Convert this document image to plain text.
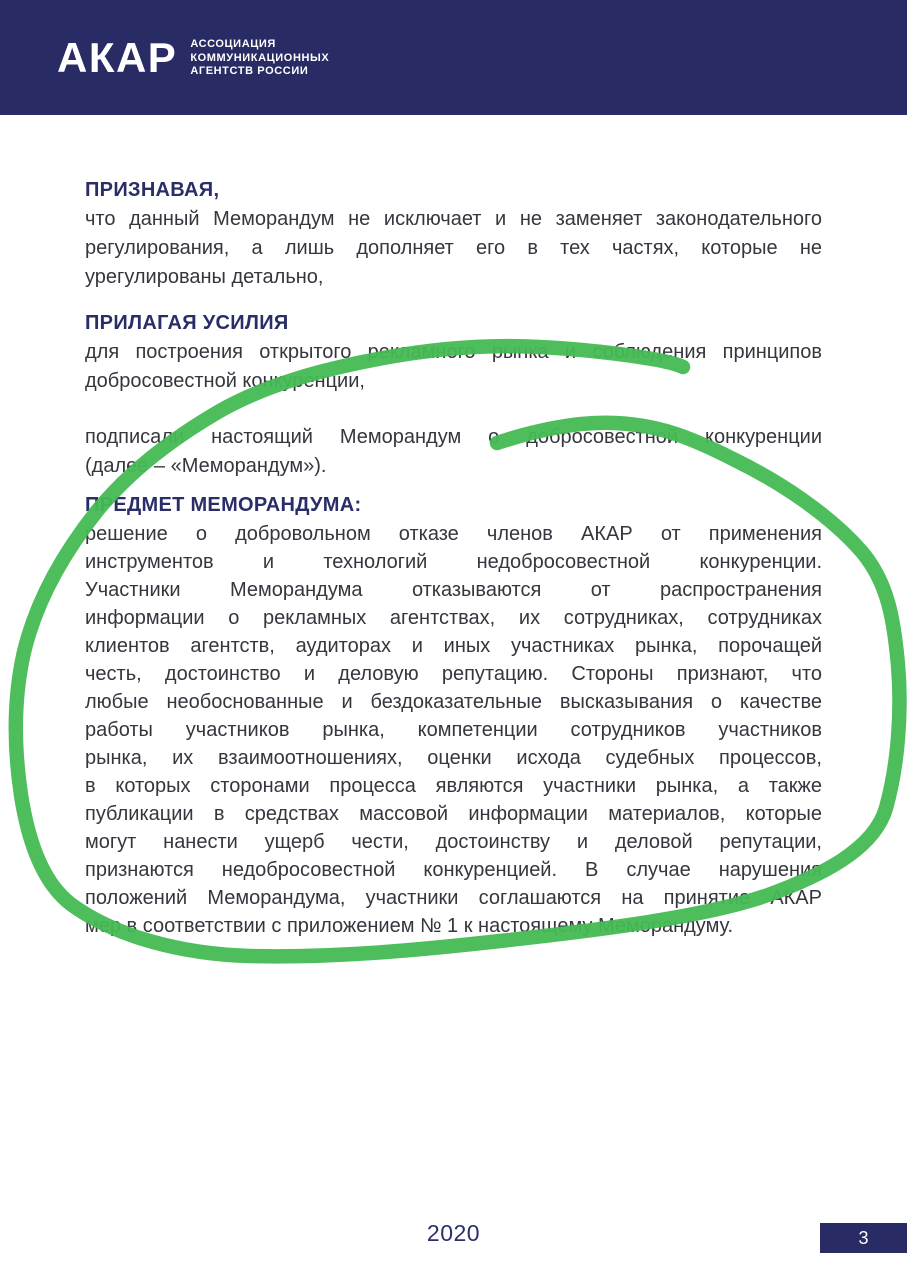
АКАР АССОЦИАЦИЯ
КОММУНИКАЦИОННЫХ
АГЕНТСТВ РОССИИ
ПРИЗНАВАЯ,
что данный Меморандум не исключает и не заменяет законодательного
регулирования, а лишь дополняет его в тех частях, которые не
урегулированы детально,
ПРИЛАГАЯ УСИЛИЯ
для построения открытого рекламного рынка и соблюдения принципов
добросовестной конкуренции,
подписали настоящий Меморандум о добросовестной конкуренции
(далее – «Меморандум»).
ПРЕДМЕТ МЕМОРАНДУМА:
решение о добровольном отказе членов АКАР от применения
инструментов и технологий недобросовестной конкуренции.
Участники Меморандума отказываются от распространения
информации о рекламных агентствах, их сотрудниках, сотрудниках
клиентов агентств, аудиторах и иных участниках рынка, порочащей
честь, достоинство и деловую репутацию. Стороны признают, что
любые необоснованные и бездоказательные высказывания о качестве
работы участников рынка, компетенции сотрудников участников
рынка, их взаимоотношениях, оценки исхода судебных процессов,
в которых сторонами процесса являются участники рынка, а также
публикации в средствах массовой информации материалов, которые
могут нанести ущерб чести, достоинству и деловой репутации,
признаются недобросовестной конкуренцией. В случае нарушения
положений Меморандума, участники соглашаются на принятие АКАР
мер в соответствии с приложением № 1 к настоящему Меморандуму.
2020	3
